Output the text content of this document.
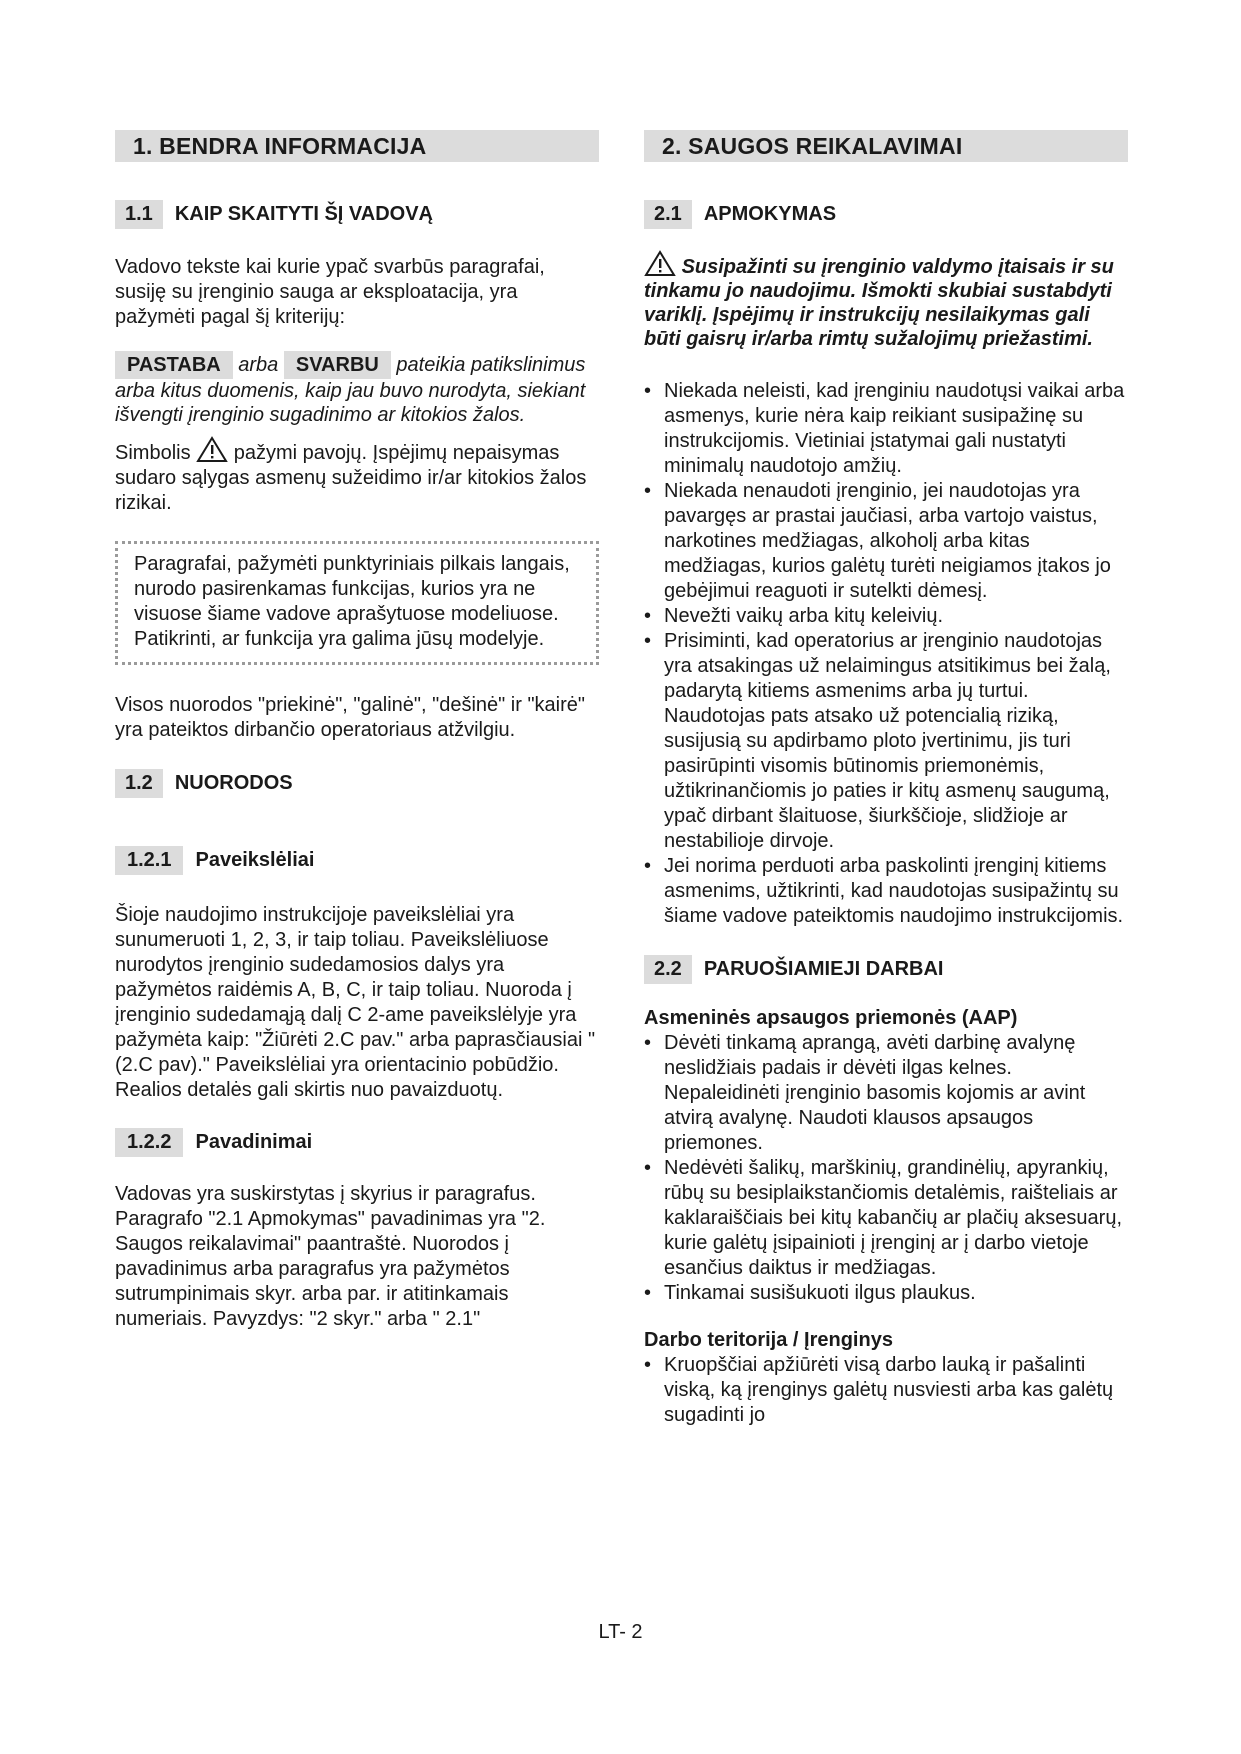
1. BENDRA INFORMACIJA
1.1	KAIP SKAITYTI ŠĮ VADOVĄ

Vadovo tekste kai kurie ypač svarbūs paragrafai, susiję su įrenginio sauga ar eksploatacija, yra pažymėti pagal šį kriterijų:

PASTABA arba SVARBU pateikia patikslinimus arba kitus duomenis, kaip jau buvo nurodyta, siekiant išvengti įrenginio sugadinimo ar kitokios žalos.

Simbolis pažymi pavojų. Įspėjimų nepaisymas sudaro sąlygas asmenų sužeidimo ir/ar kitokios žalos rizikai.

Paragrafai, pažymėti punktyriniais pilkais langais, nurodo pasirenkamas funkcijas, kurios yra ne visuose šiame vadove aprašytuose modeliuose. Patikrinti, ar funkcija yra galima jūsų modelyje.

Visos nuorodos "priekinė", "galinė", "dešinė" ir "kairė" yra pateiktos dirbančio operatoriaus atžvilgiu.

1.2	NUORODOS
1.2.1	Paveikslėliai

Šioje naudojimo instrukcijoje paveikslėliai yra sunumeruoti 1, 2, 3, ir taip toliau. Paveikslėliuose nurodytos įrenginio sudedamosios dalys yra pažymėtos raidėmis A, B, C, ir taip toliau. Nuoroda į įrenginio sudedamąją dalį C 2-ame paveikslėlyje yra pažymėta kaip: "Žiūrėti 2.C pav." arba paprasčiausiai "(2.C pav)." Paveikslėliai yra orientacinio pobūdžio. Realios detalės gali skirtis nuo pavaizduotų.

1.2.2	Pavadinimai

Vadovas yra suskirstytas į skyrius ir paragrafus. Paragrafo "2.1 Apmokymas" pavadinimas yra "2. Saugos reikalavimai" paantraštė. Nuorodos į pavadinimus arba paragrafus yra pažymėtos sutrumpinimais skyr. arba par. ir atitinkamais numeriais. Pavyzdys: "2 skyr." arba " 2.1"

2. SAUGOS REIKALAVIMAI
2.1	APMOKYMAS

Susipažinti su įrenginio valdymo įtaisais ir su tinkamu jo naudojimu. Išmokti skubiai sustabdyti variklį. Įspėjimų ir instrukcijų nesilaikymas gali būti gaisrų ir/arba rimtų sužalojimų priežastimi.

• Niekada neleisti, kad įrenginiu naudotųsi vaikai arba asmenys, kurie nėra kaip reikiant susipažinę su instrukcijomis. Vietiniai įstatymai gali nustatyti minimalų naudotojo amžių.
• Niekada nenaudoti įrenginio, jei naudotojas yra pavargęs ar prastai jaučiasi, arba vartojo vaistus, narkotines medžiagas, alkoholį arba kitas medžiagas, kurios galėtų turėti neigiamos įtakos jo gebėjimui reaguoti ir sutelkti dėmesį.
• Nevežti vaikų arba kitų keleivių.
• Prisiminti, kad operatorius ar įrenginio naudotojas yra atsakingas už nelaimingus atsitikimus bei žalą, padarytą kitiems asmenims arba jų turtui. Naudotojas pats atsako už potencialią riziką, susijusią su apdirbamo ploto įvertinimu, jis turi pasirūpinti visomis būtinomis priemonėmis, užtikrinančiomis jo paties ir kitų asmenų saugumą, ypač dirbant šlaituose, šiurkščioje, slidžioje ar nestabilioje dirvoje.
• Jei norima perduoti arba paskolinti įrenginį kitiems asmenims, užtikrinti, kad naudotojas susipažintų su šiame vadove pateiktomis naudojimo instrukcijomis.
2.2	PARUOŠIAMIEJI DARBAI
Asmeninės apsaugos priemonės (AAP)
• Dėvėti tinkamą aprangą, avėti darbinę avalynę neslidžiais padais ir dėvėti ilgas kelnes. Nepaleidinėti įrenginio basomis kojomis ar avint atvirą avalynę. Naudoti klausos apsaugos priemones.
• Nedėvėti šalikų, marškinių, grandinėlių, apyrankių, rūbų su besiplaikstančiomis detalėmis, raišteliais ar kaklaraiščiais bei kitų kabančių ar plačių aksesuarų, kurie galėtų įsipainioti į įrenginį ar į darbo vietoje esančius daiktus ir medžiagas.
• Tinkamai susišukuoti ilgus plaukus.
Darbo teritorija / Įrenginys
• Kruopščiai apžiūrėti visą darbo lauką ir pašalinti viską, ką įrenginys galėtų nusviesti arba kas galėtų sugadinti jo
LT- 2
